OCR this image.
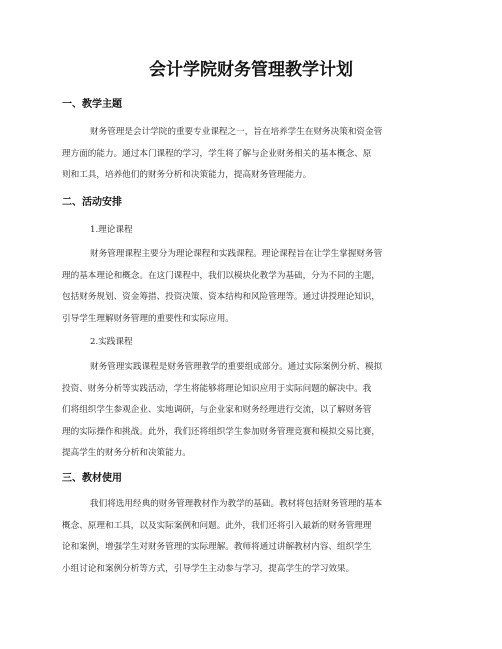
会计学院财务管理教学计划
一、教学主题
财务管理是会计学院的重要专业课程之一，旨在培养学生在财务决策和资金管
理方面的能力。通过本门课程的学习，学生将了解与企业财务相关的基本概念、原
则和工具，培养他们的财务分析和决策能力，提高财务管理能力。
二、活动安排
1.理论课程
财务管理课程主要分为理论课程和实践课程。理论课程旨在让学生掌握财务管
理的基本理论和概念。在这门课程中，我们以模块化教学为基础，分为不同的主题，
包括财务规划、资金筹措、投资决策、资本结构和风险管理等。通过讲授理论知识，
引导学生理解财务管理的重要性和实际应用。
2.实践课程
财务管理实践课程是财务管理教学的重要组成部分。通过实际案例分析、模拟
投资、财务分析等实践活动，学生将能够将理论知识应用于实际问题的解决中。我
们将组织学生参观企业、实地调研，与企业家和财务经理进行交流，以了解财务管
理的实际操作和挑战。此外，我们还将组织学生参加财务管理竞赛和模拟交易比赛，
提高学生的财务分析和决策能力。
三、教材使用
我们将选用经典的财务管理教材作为教学的基础。教材将包括财务管理的基本
概念、原理和工具，以及实际案例和问题。此外，我们还将引入最新的财务管理理
论和案例，增强学生对财务管理的实际理解。教师将通过讲解教材内容、组织学生
小组讨论和案例分析等方式，引导学生主动参与学习，提高学生的学习效果。
